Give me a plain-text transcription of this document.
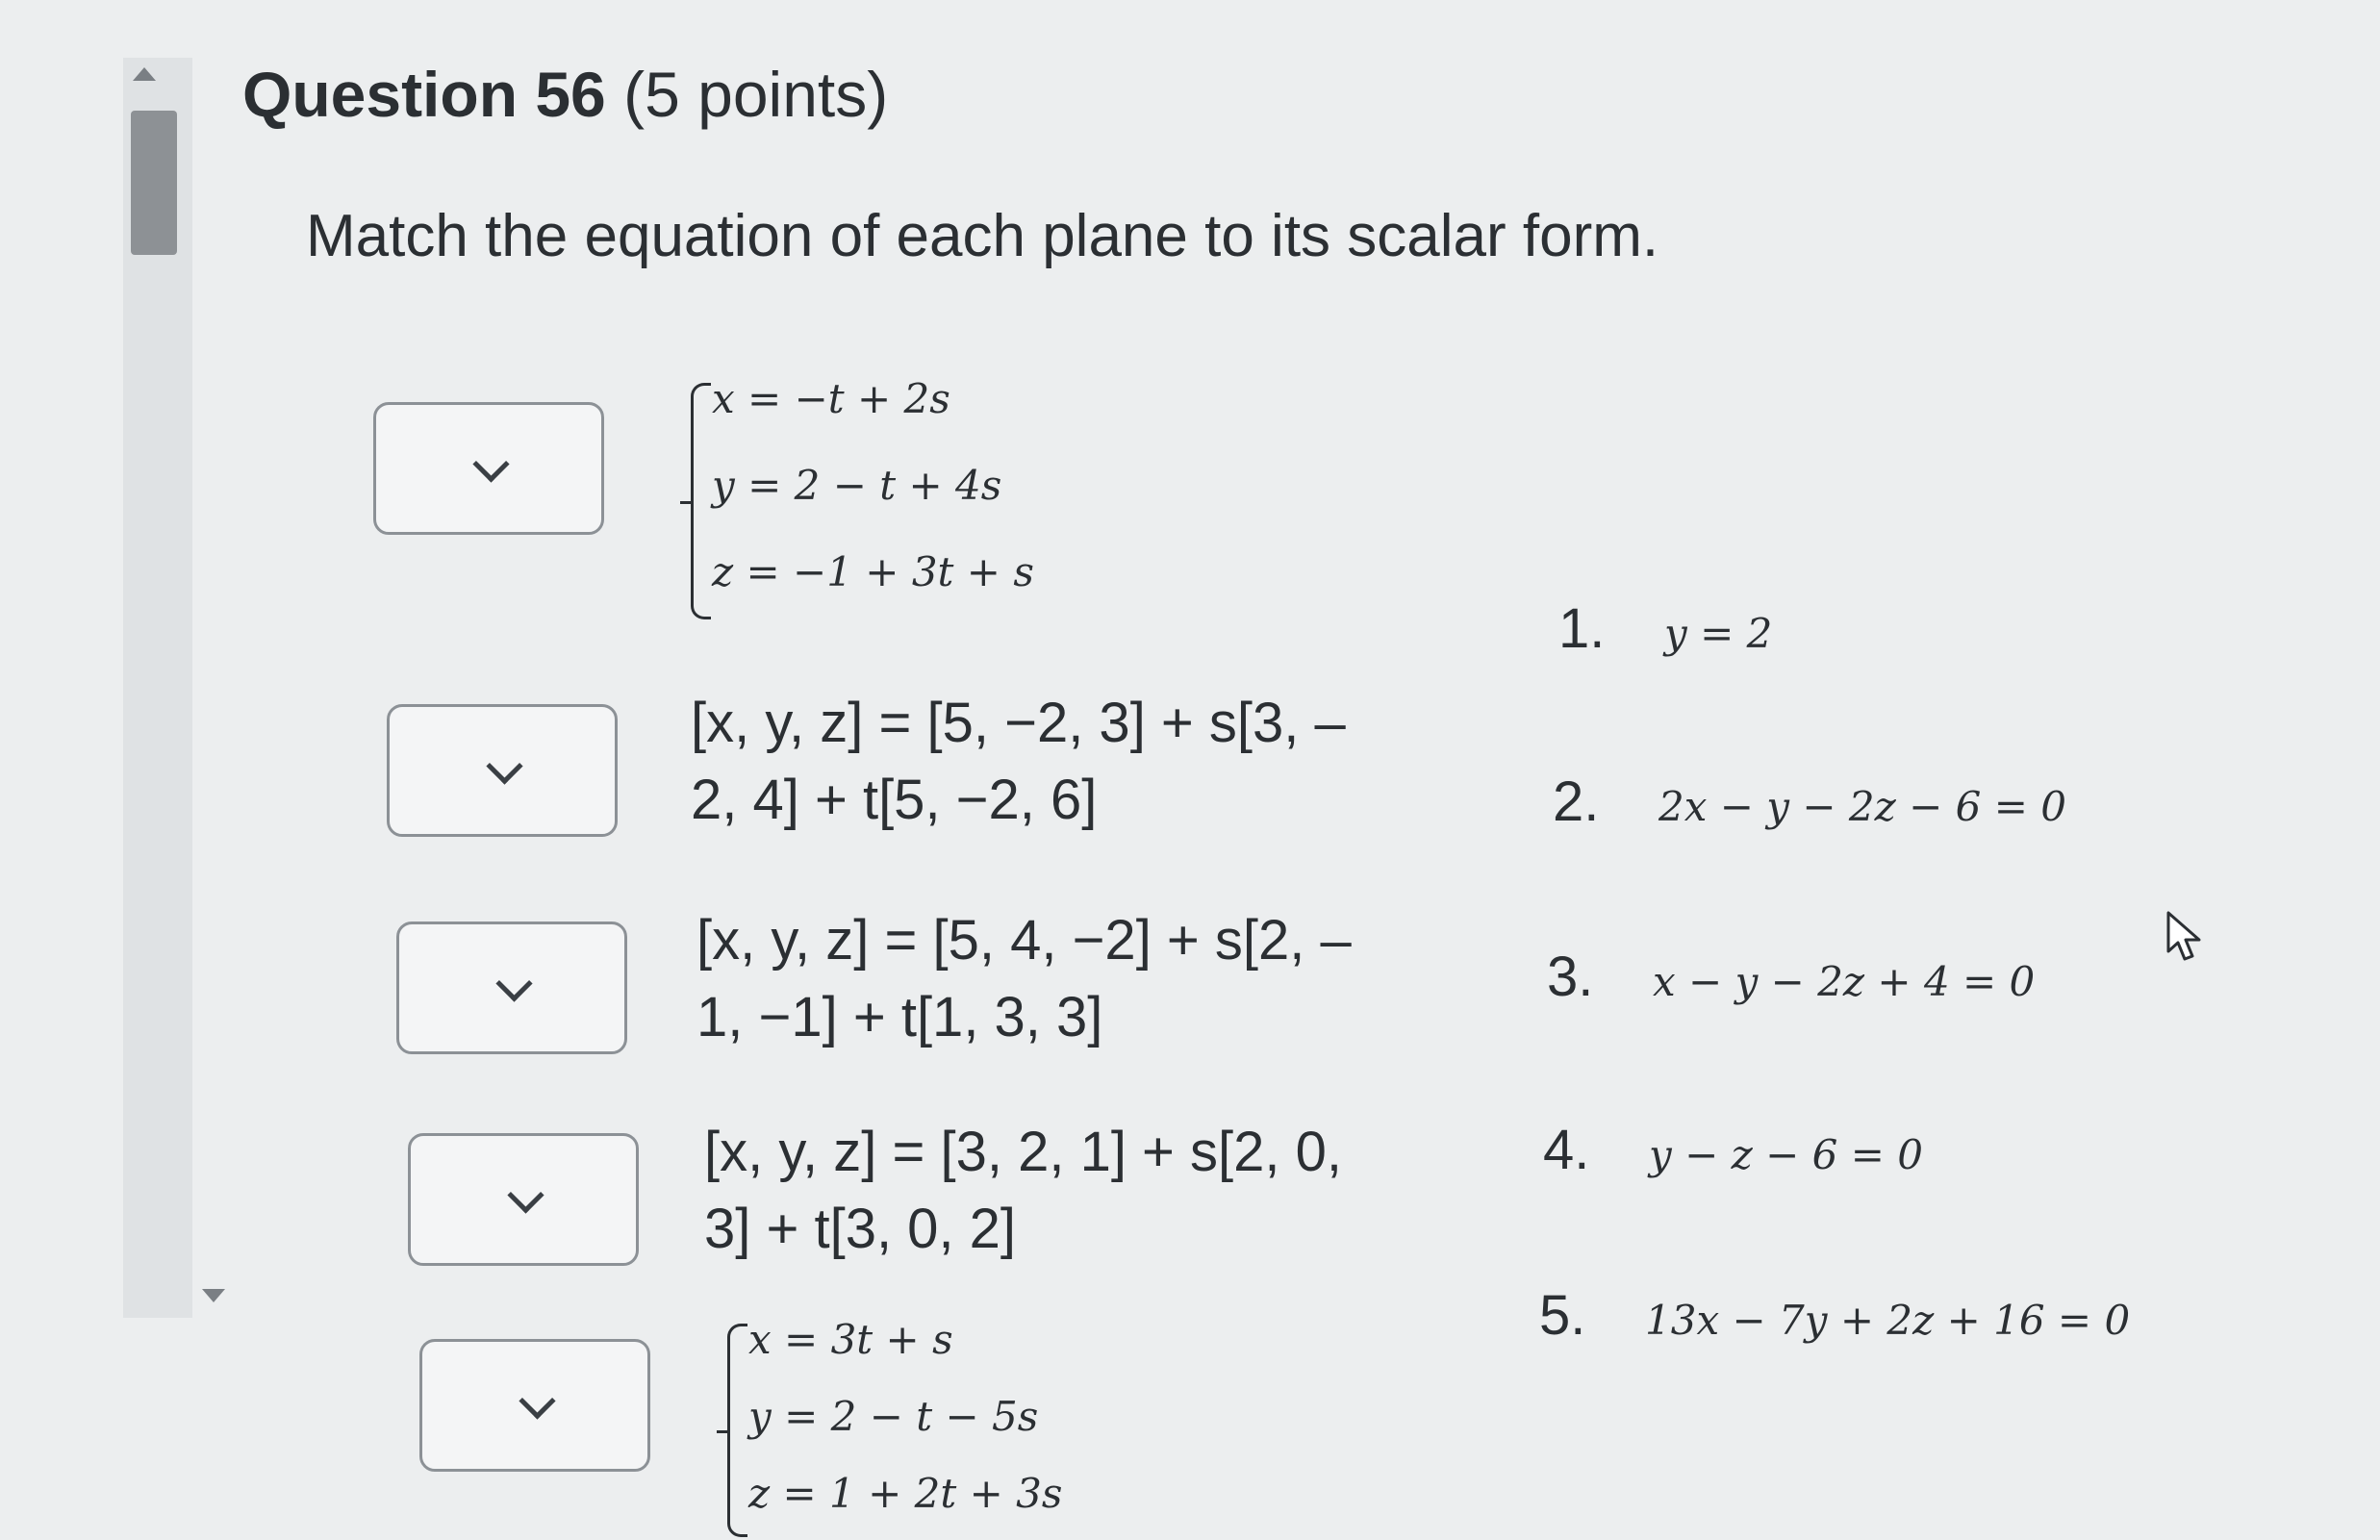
Question 56 (5 points)
Match the equation of each plane to its scalar form.
x = −t + 2s
y = 2 − t + 4s
z = −1 + 3t + s
[x, y, z] = [5, −2, 3] + s[3, –
2, 4] + t[5, −2, 6]
[x, y, z] = [5, 4, −2] + s[2, –
1, −1] + t[1, 3, 3]
[x, y, z] = [3, 2, 1] + s[2, 0,
3] + t[3, 0, 2]
x = 3t + s
y = 2 − t − 5s
z = 1 + 2t + 3s
1.	y = 2
2.	2x − y − 2z − 6 = 0
3.	x − y − 2z + 4 = 0
4.	y − z − 6 = 0
5.	13x − 7y + 2z + 16 = 0
